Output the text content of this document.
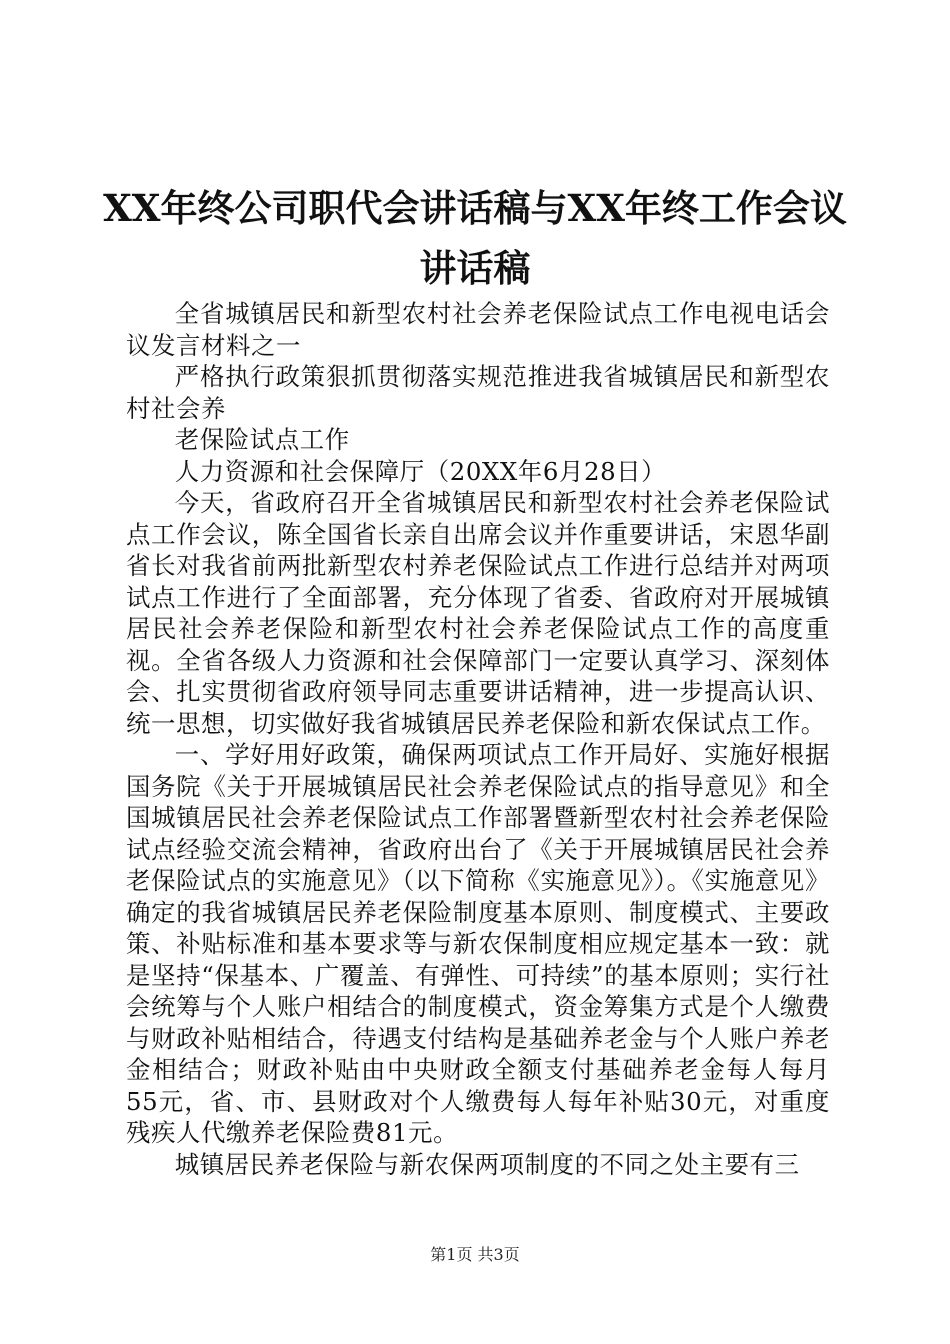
XX年终公司职代会讲话稿与XX年终工作会议
讲话稿

全省城镇居民和新型农村社会养老保险试点工作电视电话会议发言材料之一

严格执行政策狠抓贯彻落实规范推进我省城镇居民和新型农村社会养

老保险试点工作

人力资源和社会保障厅（20XX年6月28日）

今天，省政府召开全省城镇居民和新型农村社会养老保险试点工作会议，陈全国省长亲自出席会议并作重要讲话，宋恩华副省长对我省前两批新型农村养老保险试点工作进行总结并对两项试点工作进行了全面部署，充分体现了省委、省政府对开展城镇居民社会养老保险和新型农村社会养老保险试点工作的高度重视。全省各级人力资源和社会保障部门一定要认真学习、深刻体会、扎实贯彻省政府领导同志重要讲话精神，进一步提高认识、统一思想，切实做好我省城镇居民养老保险和新农保试点工作。

一、学好用好政策，确保两项试点工作开局好、实施好根据国务院《关于开展城镇居民社会养老保险试点的指导意见》和全国城镇居民社会养老保险试点工作部署暨新型农村社会养老保险试点经验交流会精神，省政府出台了《关于开展城镇居民社会养老保险试点的实施意见》（以下简称《实施意见》）。《实施意见》确定的我省城镇居民养老保险制度基本原则、制度模式、主要政策、补贴标准和基本要求等与新农保制度相应规定基本一致：就是坚持“保基本、广覆盖、有弹性、可持续”的基本原则；实行社会统筹与个人账户相结合的制度模式，资金筹集方式是个人缴费与财政补贴相结合，待遇支付结构是基础养老金与个人账户养老金相结合；财政补贴由中央财政全额支付基础养老金每人每月55元，省、市、县财政对个人缴费每人每年补贴30元，对重度残疾人代缴养老保险费81元。

城镇居民养老保险与新农保两项制度的不同之处主要有三

第1页 共3页
